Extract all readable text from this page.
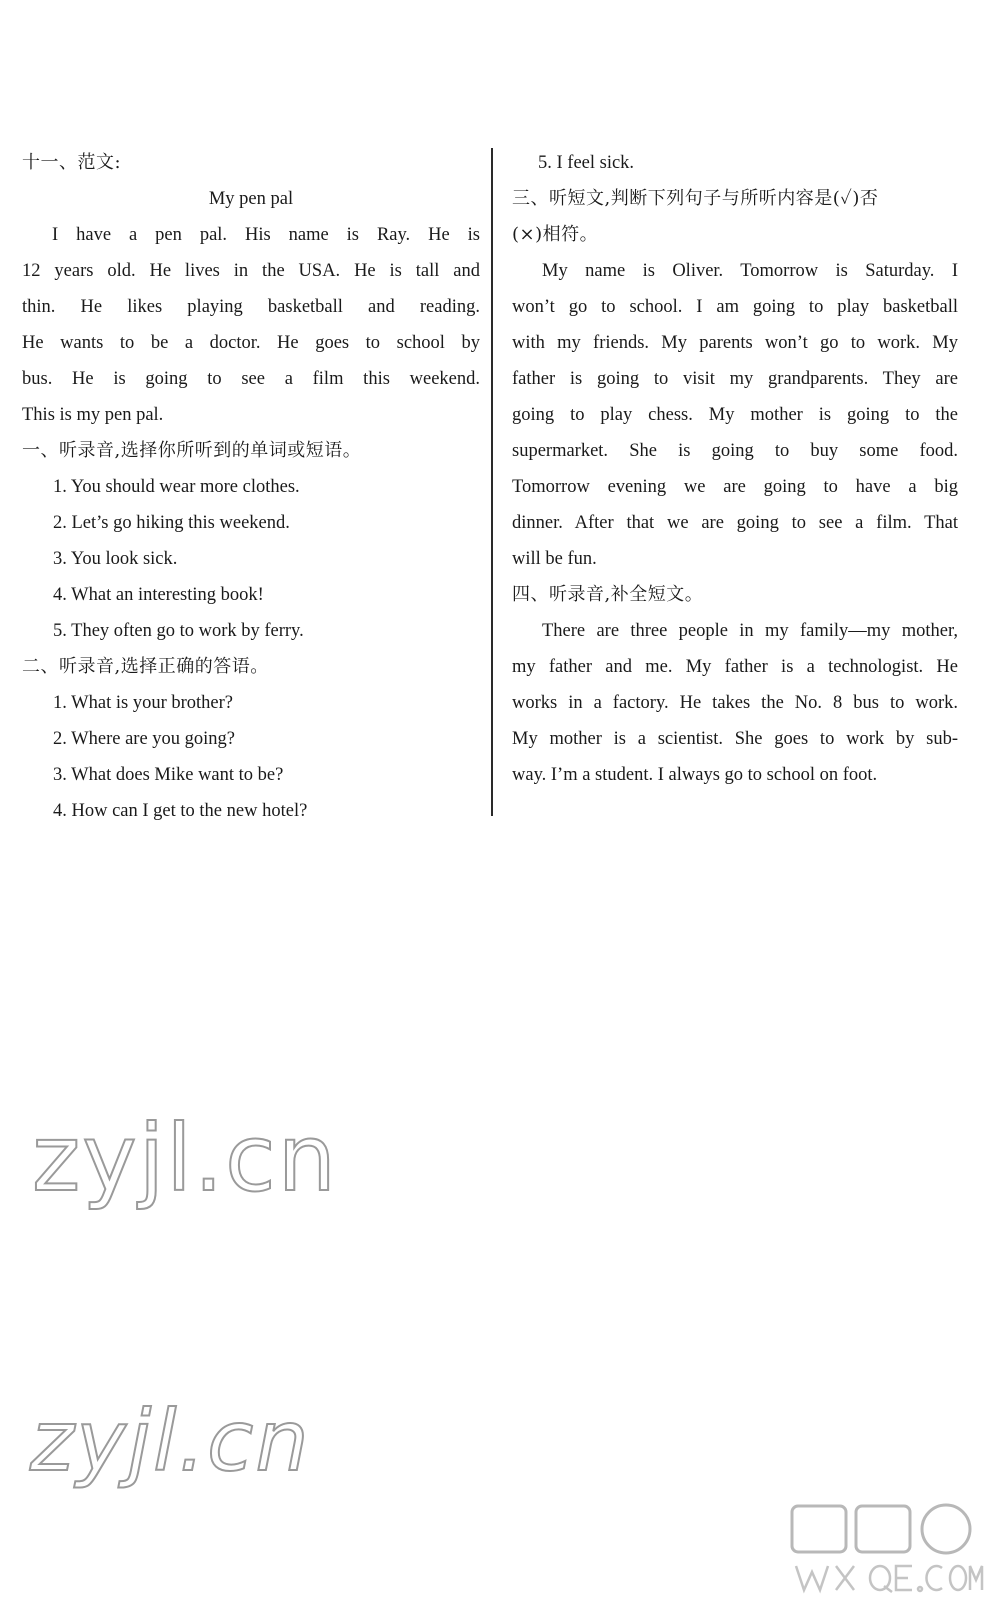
十一、范文:
My pen pal
I have a pen pal. His name is Ray. He is
12 years old. He lives in the USA. He is tall and
thin. He likes playing basketball and reading.
He wants to be a doctor. He goes to school by
bus. He is going to see a film this weekend.
This is my pen pal.
一、听录音,选择你所听到的单词或短语。
1. You should wear more clothes.
2. Let’s go hiking this weekend.
3. You look sick.
4. What an interesting book!
5. They often go to work by ferry.
二、听录音,选择正确的答语。
1. What is your brother?
2. Where are you going?
3. What does Mike want to be?
4. How can I get to the new hotel?
5. I feel sick.
三、听短文,判断下列句子与所听内容是(✓)否
(×)相符。
My name is Oliver. Tomorrow is Saturday. I
won’t go to school. I am going to play basketball
with my friends. My parents won’t go to work. My
father is going to visit my grandparents. They are
going to play chess. My mother is going to the
supermarket. She is going to buy some food.
Tomorrow evening we are going to have a big
dinner. After that we are going to see a film. That
will be fun.
四、听录音,补全短文。
There are three people in my family—my mother,
my father and me. My father is a technologist. He
works in a factory. He takes the No. 8 bus to work.
My mother is a scientist. She goes to work by sub-
way. I’m a student. I always go to school on foot.
zyjl.cn
zyjl.cn
